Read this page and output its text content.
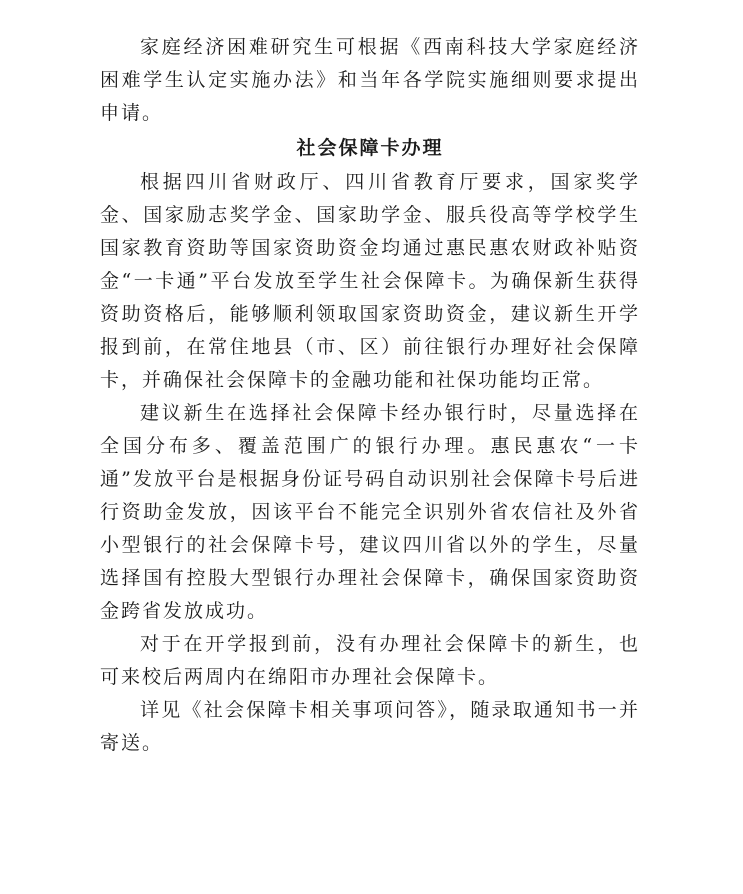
家庭经济困难研究生可根据《西南科技大学家庭经济困难学生认定实施办法》和当年各学院实施细则要求提出申请。

社会保障卡办理

根据四川省财政厅、四川省教育厅要求，国家奖学金、国家励志奖学金、国家助学金、服兵役高等学校学生国家教育资助等国家资助资金均通过惠民惠农财政补贴资金“一卡通”平台发放至学生社会保障卡。为确保新生获得资助资格后，能够顺利领取国家资助资金，建议新生开学报到前，在常住地县（市、区）前往银行办理好社会保障卡，并确保社会保障卡的金融功能和社保功能均正常。

建议新生在选择社会保障卡经办银行时，尽量选择在全国分布多、覆盖范围广的银行办理。惠民惠农“一卡通”发放平台是根据身份证号码自动识别社会保障卡号后进行资助金发放，因该平台不能完全识别外省农信社及外省小型银行的社会保障卡号，建议四川省以外的学生，尽量选择国有控股大型银行办理社会保障卡，确保国家资助资金跨省发放成功。

对于在开学报到前，没有办理社会保障卡的新生，也可来校后两周内在绵阳市办理社会保障卡。

详见《社会保障卡相关事项问答》，随录取通知书一并寄送。
